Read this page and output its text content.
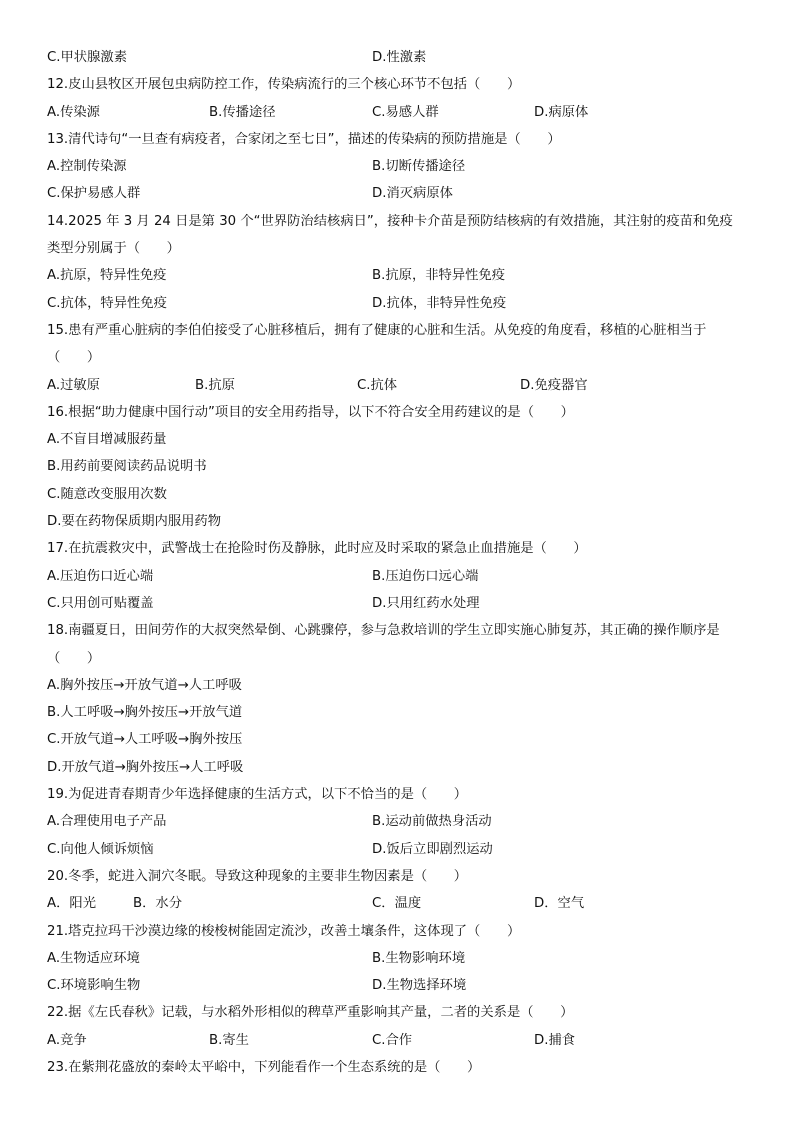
C.甲状腺激素	D.性激素
12.皮山县牧区开展包虫病防控工作，传染病流行的三个核心环节不包括（　　）
A.传染源	B.传播途径	C.易感人群	D.病原体
13.清代诗句“一旦查有病疫者，合家闭之至七日”，描述的传染病的预防措施是（　　）
A.控制传染源	B.切断传播途径
C.保护易感人群	D.消灭病原体
14.2025 年 3 月 24 日是第 30 个“世界防治结核病日”，接种卡介苗是预防结核病的有效措施，其注射的疫苗和免疫
类型分别属于（　　）
A.抗原，特异性免疫	B.抗原，非特异性免疫
C.抗体，特异性免疫	D.抗体，非特异性免疫
15.患有严重心脏病的李伯伯接受了心脏移植后，拥有了健康的心脏和生活。从免疫的角度看，移植的心脏相当于
（　　）
A.过敏原	B.抗原	C.抗体	D.免疫器官
16.根据“助力健康中国行动”项目的安全用药指导，以下不符合安全用药建议的是（　　）
A.不盲目增减服药量
B.用药前要阅读药品说明书
C.随意改变服用次数
D.要在药物保质期内服用药物
17.在抗震救灾中，武警战士在抢险时伤及静脉，此时应及时采取的紧急止血措施是（　　）
A.压迫伤口近心端	B.压迫伤口远心端
C.只用创可贴覆盖	D.只用红药水处理
18.南疆夏日，田间劳作的大叔突然晕倒、心跳骤停，参与急救培训的学生立即实施心肺复苏，其正确的操作顺序是
（　　）
A.胸外按压→开放气道→人工呼吸
B.人工呼吸→胸外按压→开放气道
C.开放气道→人工呼吸→胸外按压
D.开放气道→胸外按压→人工呼吸
19.为促进青春期青少年选择健康的生活方式，以下不恰当的是（　　）
A.合理使用电子产品	B.运动前做热身活动
C.向他人倾诉烦恼	D.饭后立即剧烈运动
20.冬季，蛇进入洞穴冬眠。导致这种现象的主要非生物因素是（　　）
A．阳光	B．水分	C．温度	D．空气
21.塔克拉玛干沙漠边缘的梭梭树能固定流沙，改善土壤条件，这体现了（　　）
A.生物适应环境	B.生物影响环境
C.环境影响生物	D.生物选择环境
22.据《左氏春秋》记载，与水稻外形相似的稗草严重影响其产量，二者的关系是（　　）
A.竞争	B.寄生	C.合作	D.捕食
23.在紫荆花盛放的秦岭太平峪中，下列能看作一个生态系统的是（　　）
